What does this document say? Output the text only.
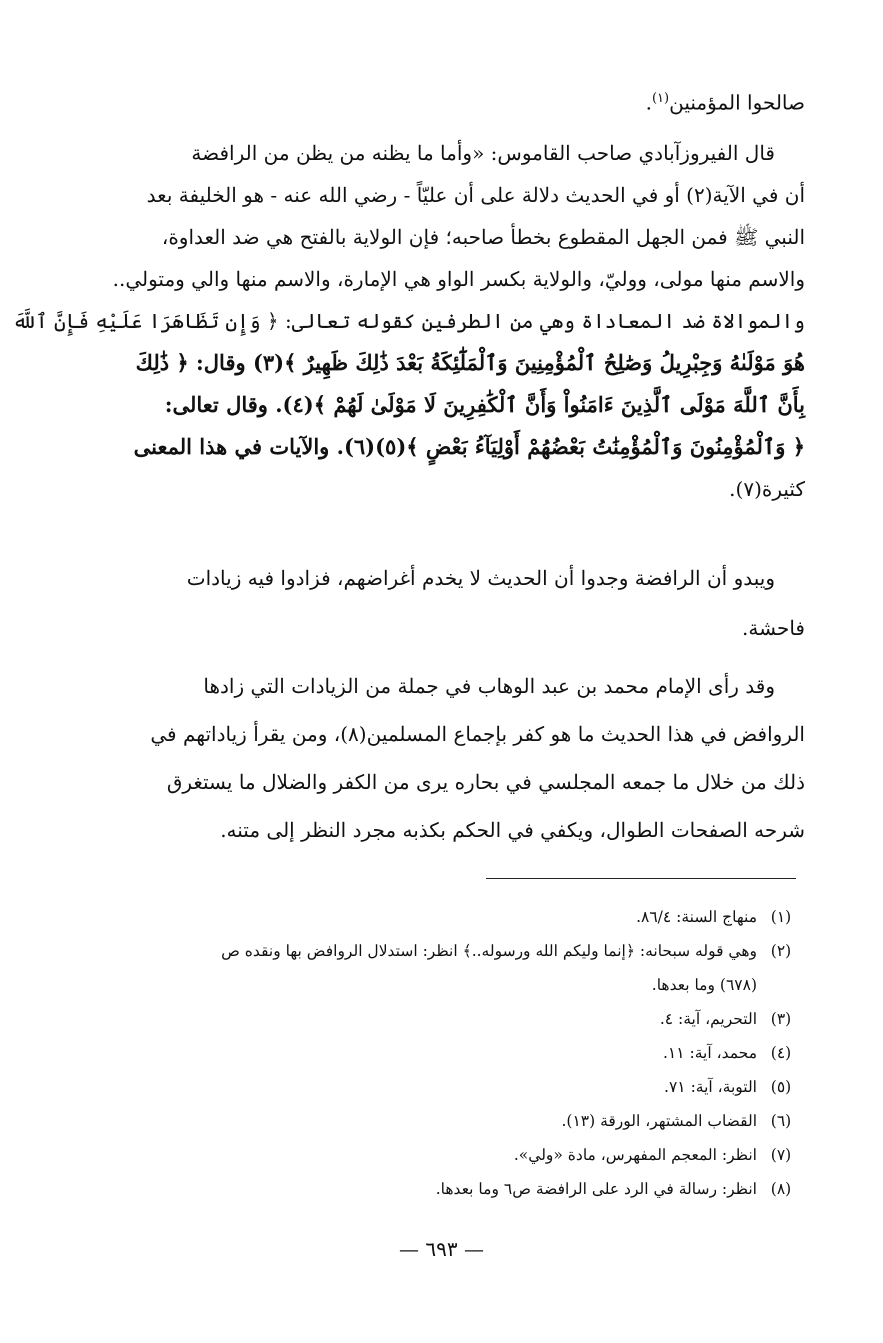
صالحوا المؤمنين$^{(١)}$.
قال الفيروزآبادي صاحب القاموس: «وأما ما يظنه من يظن من الرافضة
أن في الآية(٢) أو في الحديث دلالة على أن عليّاً - رضي الله عنه - هو الخليفة بعد
النبي ﷺ فمن الجهل المقطوع بخطأ صاحبه؛ فإن الولاية بالفتح هي ضد العداوة،
والاسم منها مولى، ووليّ، والولاية بكسر الواو هي الإمارة، والاسم منها والي ومتولي..
والموالاة ضد المعاداة وهي من الطرفين كقوله تعالى: ﴿ وَإِن تَظَاهَرَا عَلَيْهِ فَإِنَّ ٱللَّهَ
هُوَ مَوْلَىٰهُ وَجِبْرِيلُ وَصَٰلِحُ ٱلْمُؤْمِنِينَ وَٱلْمَلَٰٓئِكَةُ بَعْدَ ذَٰلِكَ ظَهِيرٌ ﴾(٣) وقال: ﴿ ذَٰلِكَ
بِأَنَّ ٱللَّهَ مَوْلَى ٱلَّذِينَ ءَامَنُواْ وَأَنَّ ٱلْكَٰفِرِينَ لَا مَوْلَىٰ لَهُمْ ﴾(٤). وقال تعالى:
﴿ وَٱلْمُؤْمِنُونَ وَٱلْمُؤْمِنَٰتُ بَعْضُهُمْ أَوْلِيَآءُ بَعْضٍ ﴾(٥)(٦). والآيات في هذا المعنى
كثيرة(٧).
ويبدو أن الرافضة وجدوا أن الحديث لا يخدم أغراضهم، فزادوا فيه زيادات
فاحشة.
وقد رأى الإمام محمد بن عبد الوهاب في جملة من الزيادات التي زادها
الروافض في هذا الحديث ما هو كفر بإجماع المسلمين(٨)، ومن يقرأ زياداتهم في
ذلك من خلال ما جمعه المجلسي في بحاره يرى من الكفر والضلال ما يستغرق
شرحه الصفحات الطوال، ويكفي في الحكم بكذبه مجرد النظر إلى متنه.
(١)
منهاج السنة: ٨٦/٤.
(٢)
وهي قوله سبحانه: ﴿إنما وليكم الله ورسوله..﴾ انظر: استدلال الروافض بها ونقده ص
(٦٧٨) وما بعدها.
(٣)
التحريم، آية: ٤.
(٤)
محمد، آية: ١١.
(٥)
التوبة، آية: ٧١.
(٦)
القضاب المشتهر، الورقة (١٣).
(٧)
انظر: المعجم المفهرس، مادة «ولي».
(٨)
انظر: رسالة في الرد على الرافضة ص٦ وما بعدها.
— ٦٩٣ —
